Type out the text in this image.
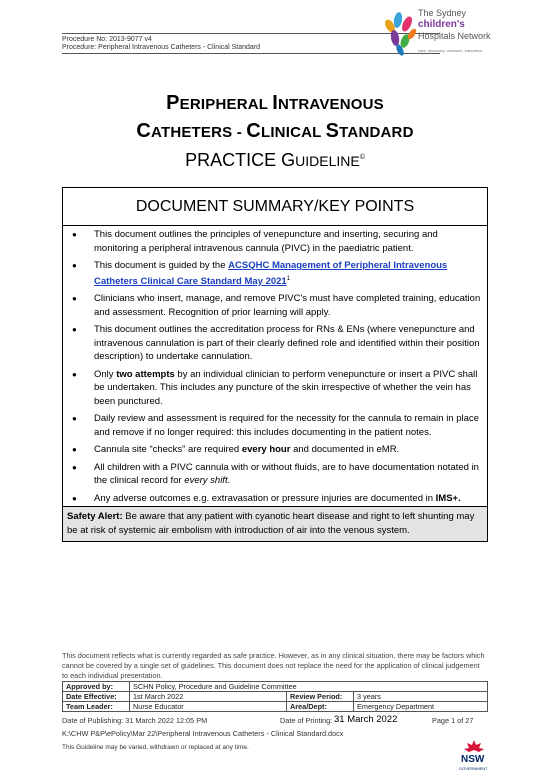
Procedure No: 2013-9077 v4
Procedure: Peripheral Intravenous Catheters - Clinical Standard
The Sydney
children's
Hospitals Network
care, advocacy, research, education
PERIPHERAL INTRAVENOUS
CATHETERS - CLINICAL STANDARD
PRACTICE GUIDELINE©
DOCUMENT SUMMARY/KEY POINTS
● This document outlines the principles of venepuncture and inserting, securing and monitoring a peripheral intravenous cannula (PIVC) in the paediatric patient.
● This document is guided by the ACSQHC Management of Peripheral Intravenous Catheters Clinical Care Standard May 2021$^1$
● Clinicians who insert, manage, and remove PIVC's must have completed training, education and assessment. Recognition of prior learning will apply.
● This document outlines the accreditation process for RNs & ENs (where venepuncture and intravenous cannulation is part of their clearly defined role and identified within their position description) to undertake cannulation.
● Only two attempts by an individual clinician to perform venepuncture or insert a PIVC shall be undertaken. This includes any puncture of the skin irrespective of whether the vein has been punctured.
● Daily review and assessment is required for the necessity for the cannula to remain in place and remove if no longer required: this includes documenting in the patient notes.
● Cannula site “checks” are required every hour and documented in eMR.
● All children with a PIVC cannula with or without fluids, are to have documentation notated in the clinical record for every shift.
● Any adverse outcomes e.g. extravasation or pressure injuries are documented in IMS+.
Safety Alert: Be aware that any patient with cyanotic heart disease and right to left shunting may be at risk of systemic air embolism with introduction of air into the venous system.
This document reflects what is currently regarded as safe practice. However, as in any clinical situation, there may be factors which cannot be covered by a single set of guidelines. This document does not replace the need for the application of clinical judgement to each individual presentation.
Approved by:	SCHN Policy, Procedure and Guideline Committee		
Date Effective:	1st March 2022	Review Period:	3 years
Team Leader:	Nurse Educator	Area/Dept:	Emergency Department
Date of Publishing: 31 March 2022 12:05 PM	Date of Printing: 31 March 2022	Page 1 of 27
K:\CHW P&P\ePolicy\Mar 22\Peripheral Intravenous Catheters - Clinical Standard.docx
This Guideline may be varied, withdrawn or replaced at any time.
NSW
GOVERNMENT
